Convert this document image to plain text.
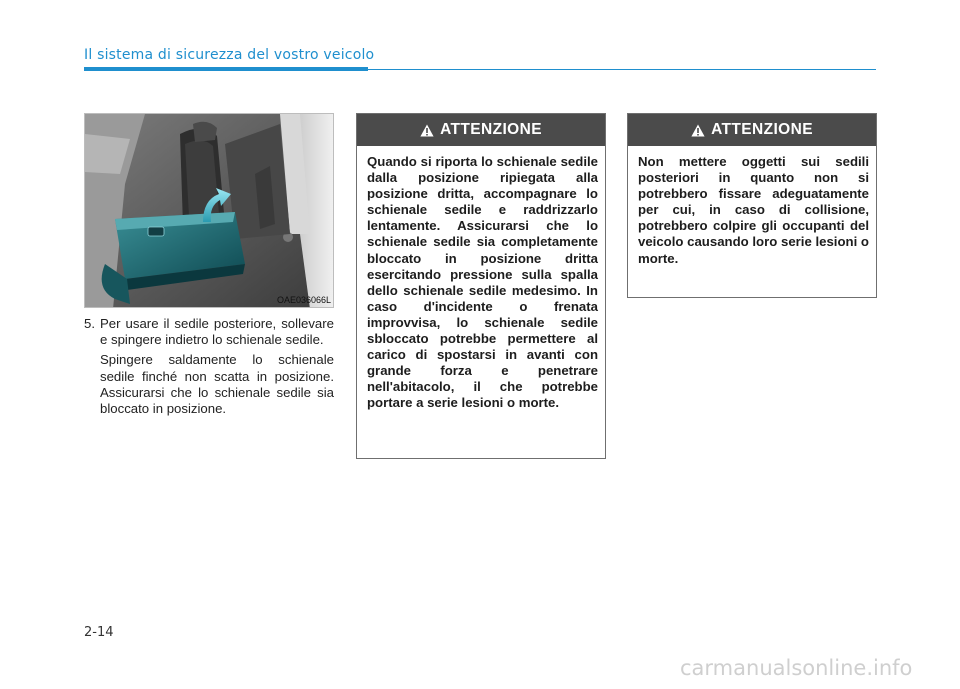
Il sistema di sicurezza del vostro veicolo
OAE036066L
5. Per usare il sedile posteriore, sollevare e spingere indietro lo schienale sedile.

Spingere saldamente lo schienale sedile finché non scatta in posizione. Assicurarsi che lo schienale sedile sia bloccato in posizione.

ATTENZIONE
Quando si riporta lo schienale sedile dalla posizione ripiegata alla posizione dritta, accompagnare lo schienale sedile e raddrizzarlo lentamente. Assicurarsi che lo schienale sedile sia completamente bloccato in posizione dritta esercitando pressione sulla spalla dello schienale sedile medesimo. In caso d'incidente o frenata improvvisa, lo schienale sedile sbloccato potrebbe permettere al carico di spostarsi in avanti con grande forza e penetrare nell'abitacolo, il che potrebbe portare a serie lesioni o morte.
ATTENZIONE
Non mettere oggetti sui sedili posteriori in quanto non si potrebbero fissare adeguatamente per cui, in caso di collisione, potrebbero colpire gli occupanti del veicolo causando loro serie lesioni o morte.
2-14
carmanualsonline.info
